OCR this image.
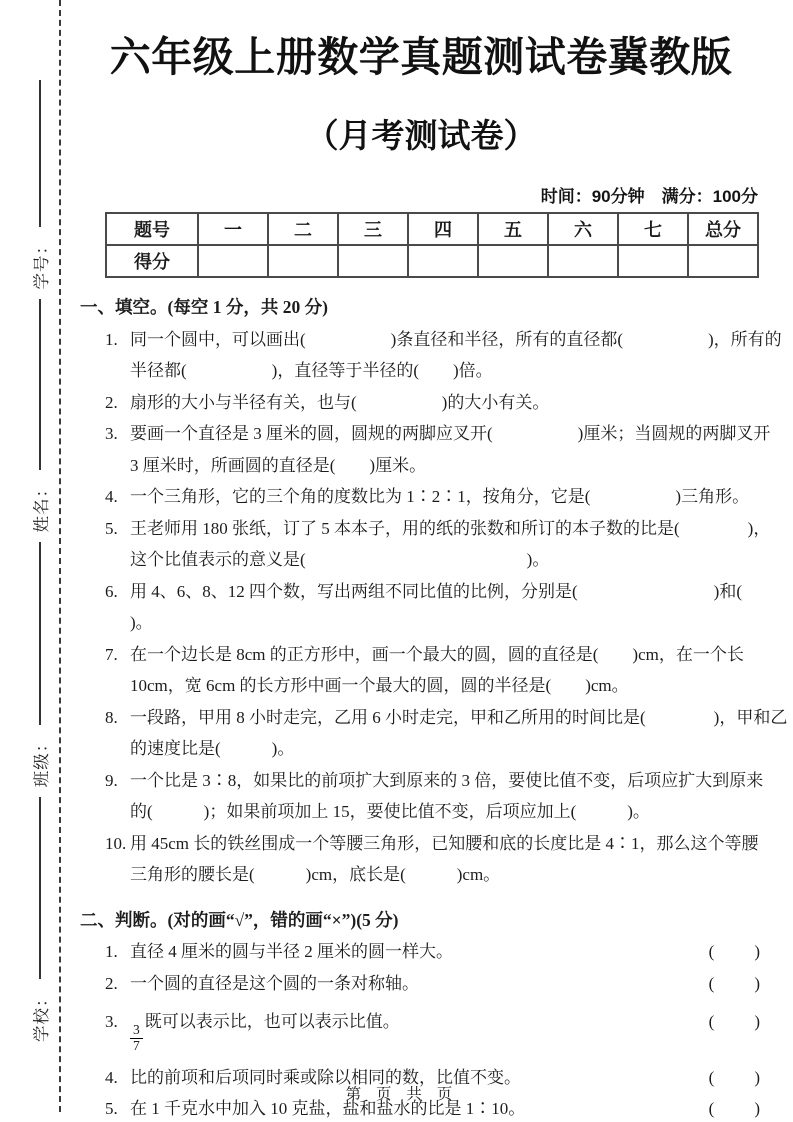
学校：
班级：
姓名：
学号：
六年级上册数学真题测试卷冀教版
（月考测试卷）
时间：90分钟　满分：100分
题号	一	二	三	四	五	六	七	总分
得分								
一、填空。(每空 1 分，共 20 分)
1. 同一个圆中，可以画出(　　　　　)条直径和半径，所有的直径都(　　　　　)，所有的
半径都(　　　　　)，直径等于半径的(　　)倍。
2. 扇形的大小与半径有关，也与(　　　　　)的大小有关。
3. 要画一个直径是 3 厘米的圆，圆规的两脚应叉开(　　　　　)厘米；当圆规的两脚叉开
3 厘米时，所画圆的直径是(　　)厘米。
4. 一个三角形，它的三个角的度数比为 1∶2∶1，按角分，它是(　　　　　)三角形。
5. 王老师用 180 张纸，订了 5 本本子，用的纸的张数和所订的本子数的比是(　　　　)，
这个比值表示的意义是(　　　　　　　　　　　　　)。
6. 用 4、6、8、12 四个数，写出两组不同比值的比例，分别是(　　　　　　　　)和(
)。
7. 在一个边长是 8cm 的正方形中，画一个最大的圆，圆的直径是(　　)cm，在一个长
10cm，宽 6cm 的长方形中画一个最大的圆，圆的半径是(　　)cm。
8. 一段路，甲用 8 小时走完，乙用 6 小时走完，甲和乙所用的时间比是(　　　　)，甲和乙
的速度比是(　　　)。
9. 一个比是 3∶8，如果比的前项扩大到原来的 3 倍，要使比值不变，后项应扩大到原来
的(　　　)；如果前项加上 15，要使比值不变，后项应加上(　　　)。
10. 用 45cm 长的铁丝围成一个等腰三角形，已知腰和底的长度比是 4∶1，那么这个等腰
三角形的腰长是(　　　)cm，底长是(　　　)cm。
二、判断。(对的画“√”，错的画“×”)(5 分)
1. 直径 4 厘米的圆与半径 2 厘米的圆一样大。	(　　)
2. 一个圆的直径是这个圆的一条对称轴。	(　　)
3.
$\frac{3}{7}$
既可以表示比，也可以表示比值。	(　　)
4. 比的前项和后项同时乘或除以相同的数，比值不变。	(　　)
5. 在 1 千克水中加入 10 克盐，盐和盐水的比是 1∶10。	(　　)
第 页 共 页
